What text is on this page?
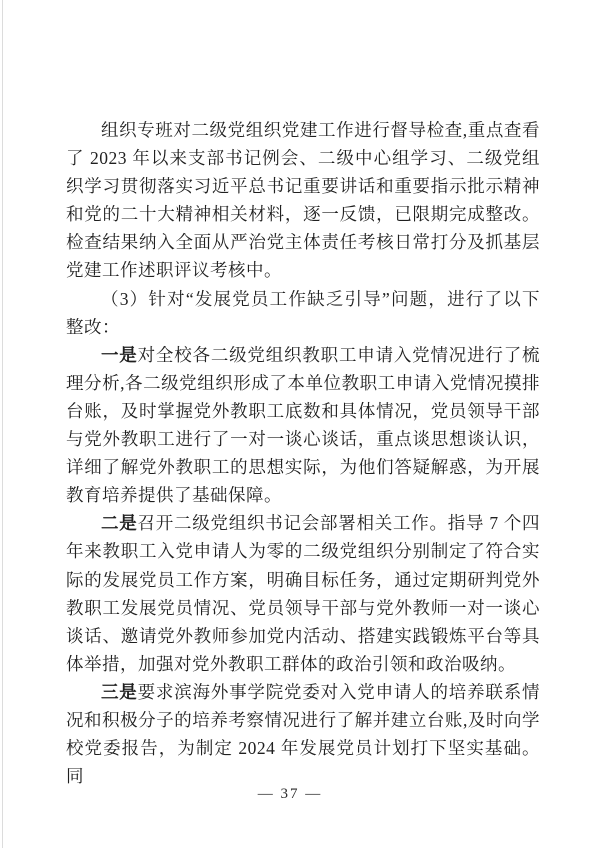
组织专班对二级党组织党建工作进行督导检查,重点查看了 2023 年以来支部书记例会、二级中心组学习、二级党组织学习贯彻落实习近平总书记重要讲话和重要指示批示精神和党的二十大精神相关材料，逐一反馈，已限期完成整改。检查结果纳入全面从严治党主体责任考核日常打分及抓基层党建工作述职评议考核中。

（3）针对“发展党员工作缺乏引导”问题，进行了以下整改：

一是对全校各二级党组织教职工申请入党情况进行了梳理分析,各二级党组织形成了本单位教职工申请入党情况摸排台账，及时掌握党外教职工底数和具体情况，党员领导干部与党外教职工进行了一对一谈心谈话，重点谈思想谈认识，详细了解党外教职工的思想实际，为他们答疑解惑，为开展教育培养提供了基础保障。

二是召开二级党组织书记会部署相关工作。指导 7 个四年来教职工入党申请人为零的二级党组织分别制定了符合实际的发展党员工作方案，明确目标任务，通过定期研判党外教职工发展党员情况、党员领导干部与党外教师一对一谈心谈话、邀请党外教师参加党内活动、搭建实践锻炼平台等具体举措，加强对党外教职工群体的政治引领和政治吸纳。

三是要求滨海外事学院党委对入党申请人的培养联系情况和积极分子的培养考察情况进行了解并建立台账,及时向学校党委报告，为制定 2024 年发展党员计划打下坚实基础。同

— 37 —
